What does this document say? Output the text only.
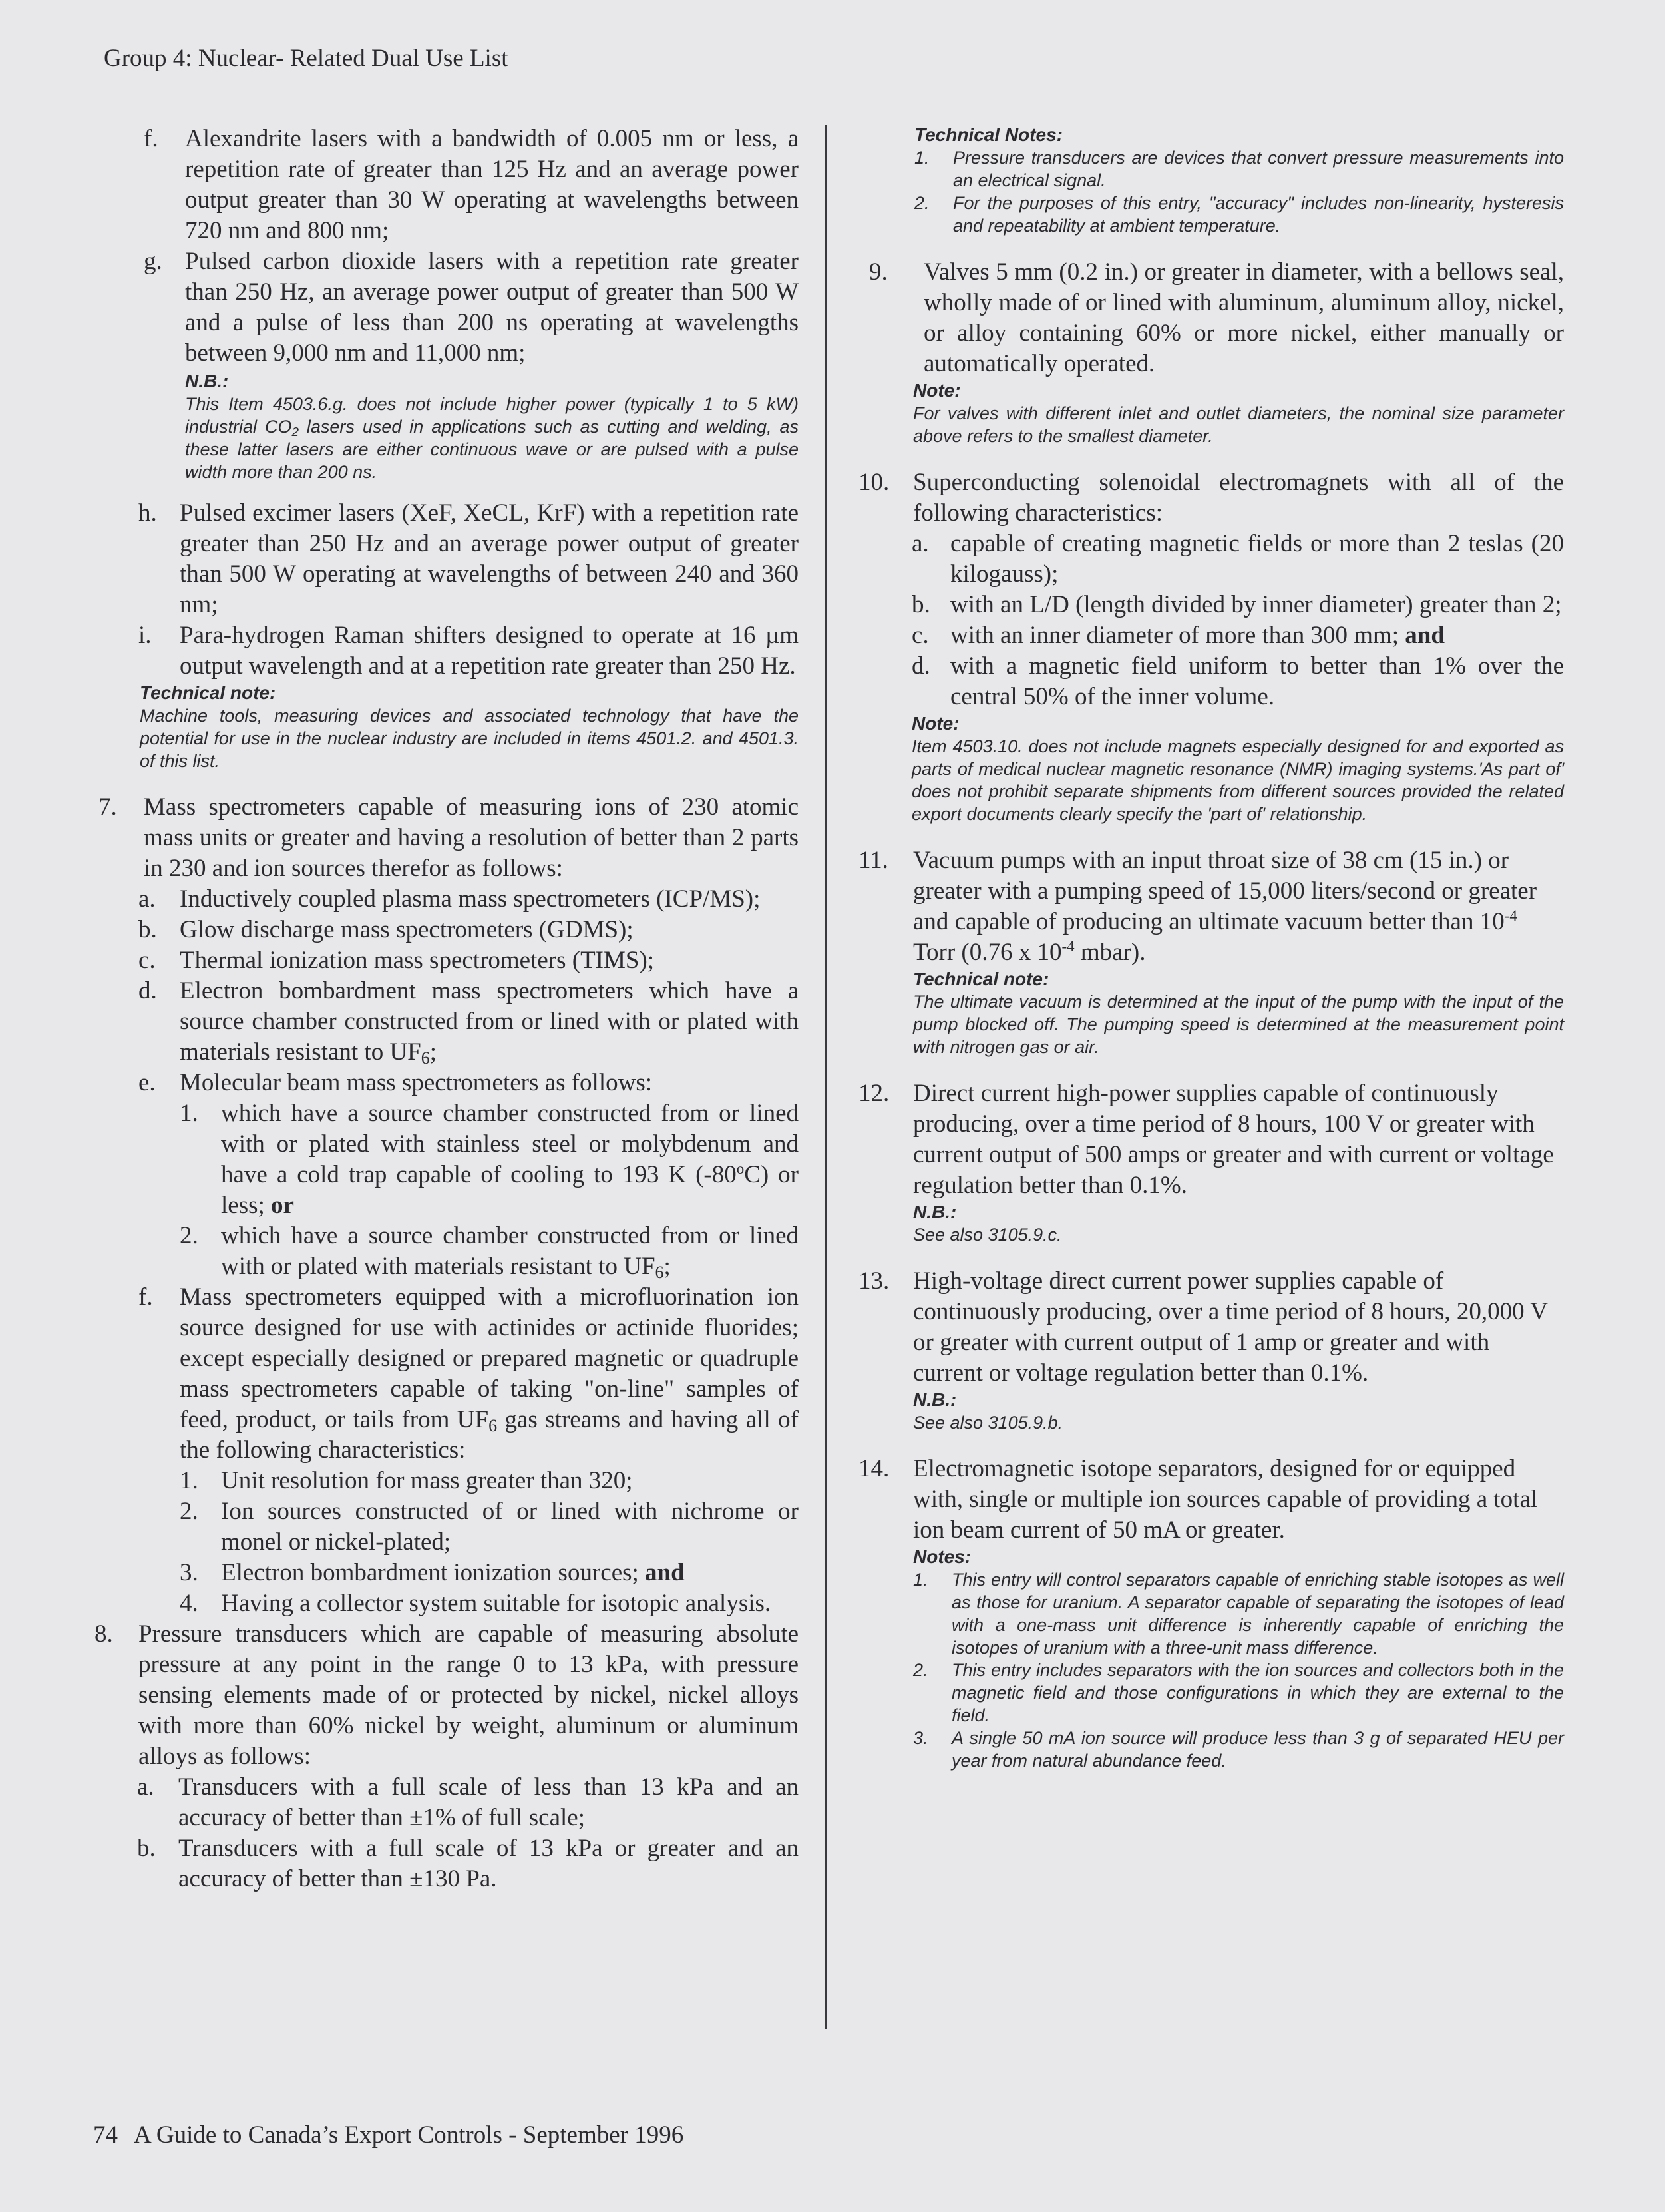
Group 4: Nuclear- Related Dual Use List
f.	Alexandrite lasers with a bandwidth of 0.005 nm or less, a repetition rate of greater than 125 Hz and an average power output greater than 30 W operating at wavelengths between 720 nm and 800 nm;
g. Pulsed carbon dioxide lasers with a repetition rate greater than 250 Hz, an average power output of greater than 500 W and a pulse of less than 200 ns operating at wavelengths between 9,000 nm and 11,000 nm;
N.B.:
This Item 4503.6.g. does not include higher power (typically 1 to 5 kW) industrial CO2 lasers used in applications such as cutting and welding, as these latter lasers are either continuous wave or are pulsed with a pulse width more than 200 ns.
h. Pulsed excimer lasers (XeF, XeCL, KrF) with a repetition rate greater than 250 Hz and an average power output of greater than 500 W operating at wavelengths of between 240 and 360 nm;
i.	Para-hydrogen Raman shifters designed to operate at 16 µm output wavelength and at a repetition rate greater than 250 Hz.
Technical note:
Machine tools, measuring devices and associated technology that have the potential for use in the nuclear industry are included in items 4501.2. and 4501.3. of this list.
7.	Mass spectrometers capable of measuring ions of 230 atomic mass units or greater and having a resolution of better than 2 parts in 230 and ion sources therefor as follows:
a. Inductively coupled plasma mass spectrometers (ICP/MS);
b. Glow discharge mass spectrometers (GDMS);
c. Thermal ionization mass spectrometers (TIMS);
d. Electron bombardment mass spectrometers which have a source chamber constructed from or lined with or plated with materials resistant to UF6;
e. Molecular beam mass spectrometers as follows:
1. which have a source chamber constructed from or lined with or plated with stainless steel or molybdenum and have a cold trap capable of cooling to 193 K (-80oC) or less; or
2. which have a source chamber constructed from or lined with or plated with materials resistant to UF6;
f.	Mass spectrometers equipped with a microfluorination ion source designed for use with actinides or actinide fluorides; except especially designed or prepared magnetic or quadruple mass spectrometers capable of taking "on-line" samples of feed, product, or tails from UF6 gas streams and having all of the following characteristics:
1. Unit resolution for mass greater than 320;
2. Ion sources constructed of or lined with nichrome or monel or nickel-plated;
3. Electron bombardment ionization sources; and
4. Having a collector system suitable for isotopic analysis.
8.	Pressure transducers which are capable of measuring absolute pressure at any point in the range 0 to 13 kPa, with pressure sensing elements made of or protected by nickel, nickel alloys with more than 60% nickel by weight, aluminum or aluminum alloys as follows:
a. Transducers with a full scale of less than 13 kPa and an accuracy of better than ±1% of full scale;
b. Transducers with a full scale of 13 kPa or greater and an accuracy of better than ±130 Pa.
Technical Notes:
1.	Pressure transducers are devices that convert pressure measurements into an electrical signal.
2.	For the purposes of this entry, "accuracy" includes non-linearity, hysteresis and repeatability at ambient temperature.
9.	Valves 5 mm (0.2 in.) or greater in diameter, with a bellows seal, wholly made of or lined with aluminum, aluminum alloy, nickel, or alloy containing 60% or more nickel, either manually or automatically operated.
Note:
For valves with different inlet and outlet diameters, the nominal size parameter above refers to the smallest diameter.
10. Superconducting solenoidal electromagnets with all of the following characteristics:
a. capable of creating magnetic fields or more than 2 teslas (20 kilogauss);
b. with an L/D (length divided by inner diameter) greater than 2;
c. with an inner diameter of more than 300 mm; and
d. with a magnetic field uniform to better than 1% over the central 50% of the inner volume.
Note:
Item 4503.10. does not include magnets especially designed for and exported as parts of medical nuclear magnetic resonance (NMR) imaging systems.'As part of' does not prohibit separate shipments from different sources provided the related export documents clearly specify the 'part of' relationship.
11.	Vacuum pumps with an input throat size of 38 cm (15 in.) or greater with a pumping speed of 15,000 liters/second or greater and capable of producing an ultimate vacuum better than 10-4 Torr (0.76 x 10-4 mbar).
Technical note:
The ultimate vacuum is determined at the input of the pump with the input of the pump blocked off. The pumping speed is determined at the measurement point with nitrogen gas or air.
12. Direct current high-power supplies capable of continuously producing, over a time period of 8 hours, 100 V or greater with current output of 500 amps or greater and with current or voltage regulation better than 0.1%.
N.B.:
See also 3105.9.c.
13. High-voltage direct current power supplies capable of continuously producing, over a time period of 8 hours, 20,000 V or greater with current output of 1 amp or greater and with current or voltage regulation better than 0.1%.
N.B.:
See also 3105.9.b.
14. Electromagnetic isotope separators, designed for or equipped with, single or multiple ion sources capable of providing a total ion beam current of 50 mA or greater.
Notes:
1.	This entry will control separators capable of enriching stable isotopes as well as those for uranium. A separator capable of separating the isotopes of lead with a one-mass unit difference is inherently capable of enriching the isotopes of uranium with a three-unit mass difference.
2.	This entry includes separators with the ion sources and collectors both in the magnetic field and those configurations in which they are external to the field.
3.	A single 50 mA ion source will produce less than 3 g of separated HEU per year from natural abundance feed.
74 A Guide to Canada’s Export Controls - September 1996
